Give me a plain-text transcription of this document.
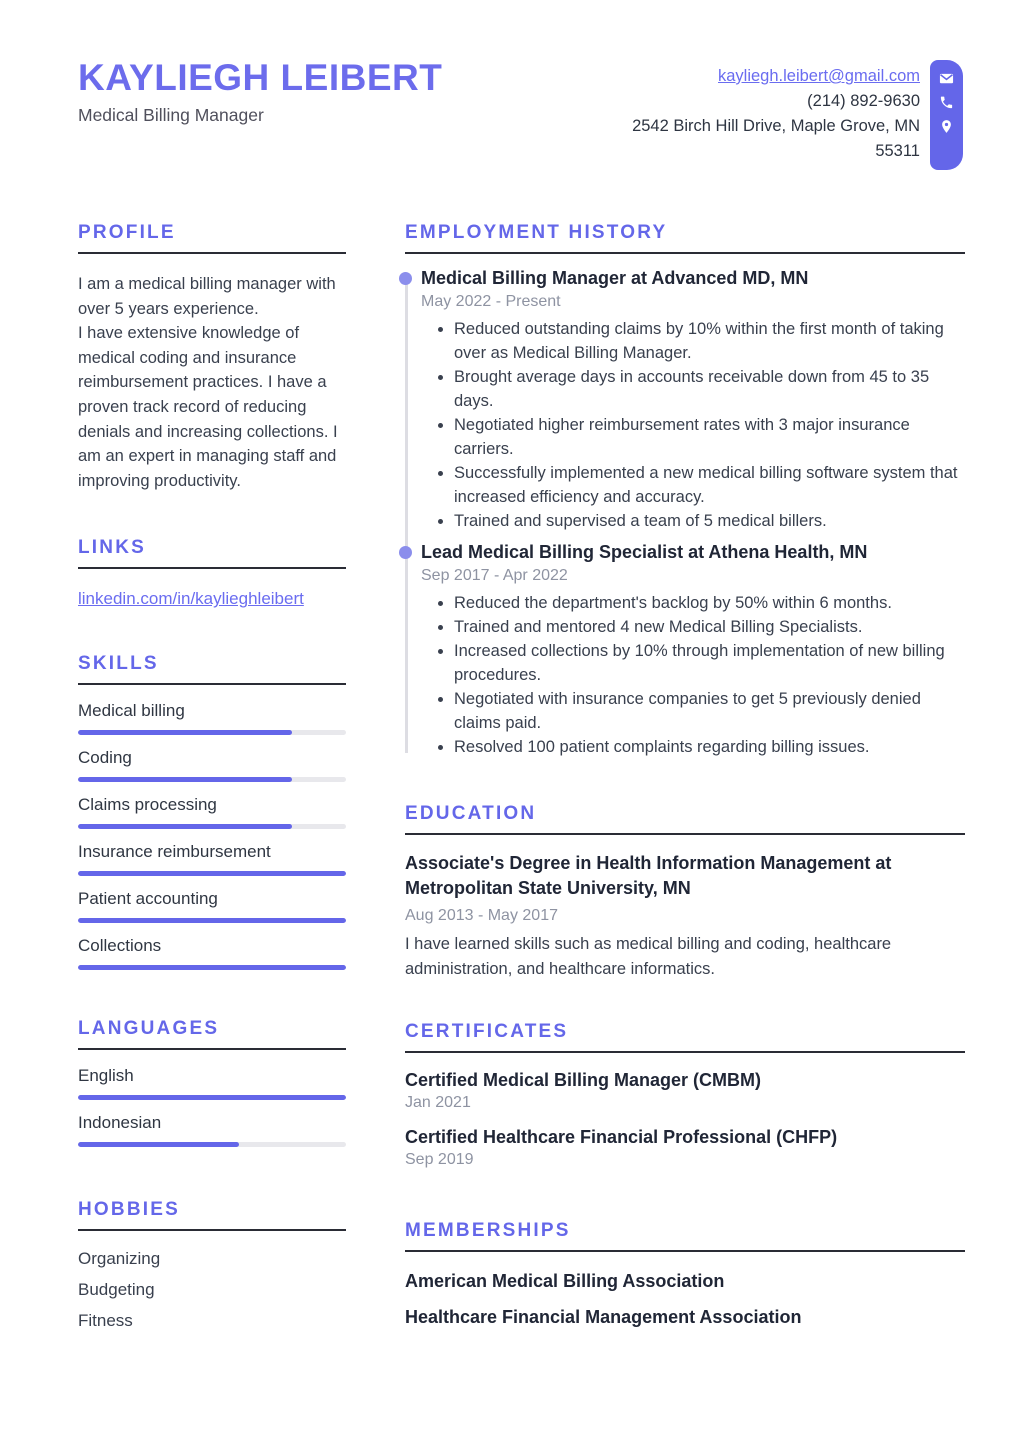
KAYLIEGH LEIBERT
Medical Billing Manager
kayliegh.leibert@gmail.com
(214) 892-9630
2542 Birch Hill Drive, Maple Grove, MN
55311
PROFILE

I am a medical billing manager with over 5 years experience.

I have extensive knowledge of medical coding and insurance reimbursement practices. I have a proven track record of reducing denials and increasing collections. I am an expert in managing staff and improving productivity.

LINKS
linkedin.com/in/kaylieghleibert
SKILLS
Medical billing
Coding
Claims processing
Insurance reimbursement
Patient accounting
Collections
LANGUAGES
English
Indonesian
HOBBIES
Organizing
Budgeting
Fitness
EMPLOYMENT HISTORY
Medical Billing Manager at Advanced MD, MN
May 2022 - Present
• Reduced outstanding claims by 10% within the first month of taking over as Medical Billing Manager.
• Brought average days in accounts receivable down from 45 to 35 days.
• Negotiated higher reimbursement rates with 3 major insurance carriers.
• Successfully implemented a new medical billing software system that increased efficiency and accuracy.
• Trained and supervised a team of 5 medical billers.
Lead Medical Billing Specialist at Athena Health, MN
Sep 2017 - Apr 2022
• Reduced the department's backlog by 50% within 6 months.
• Trained and mentored 4 new Medical Billing Specialists.
• Increased collections by 10% through implementation of new billing procedures.
• Negotiated with insurance companies to get 5 previously denied claims paid.
• Resolved 100 patient complaints regarding billing issues.
EDUCATION
Associate's Degree in Health Information Management at Metropolitan State University, MN
Aug 2013 - May 2017
I have learned skills such as medical billing and coding, healthcare administration, and healthcare informatics.
CERTIFICATES
Certified Medical Billing Manager (CMBM)
Jan 2021
Certified Healthcare Financial Professional (CHFP)
Sep 2019
MEMBERSHIPS
American Medical Billing Association
Healthcare Financial Management Association
